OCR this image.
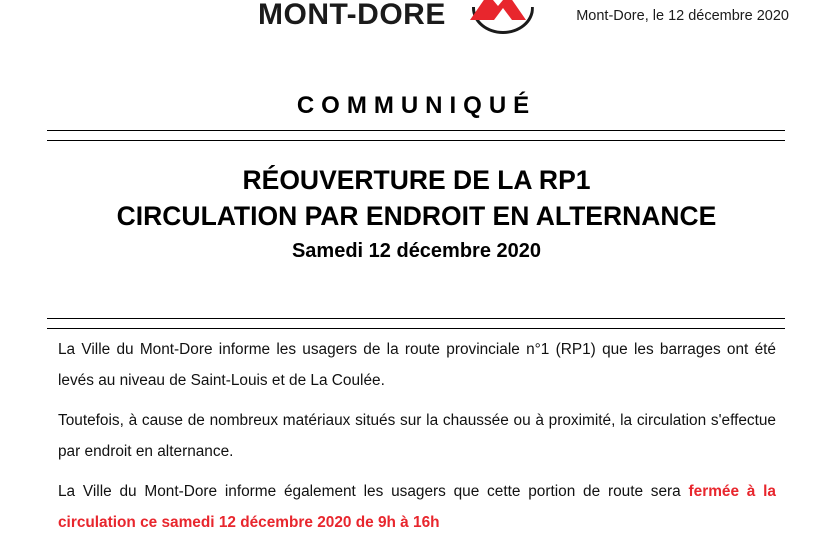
MONT-DORE	Mont-Dore, le 12 décembre 2020
COMMUNIQUÉ
RÉOUVERTURE DE LA RP1
CIRCULATION PAR ENDROIT EN ALTERNANCE
Samedi 12 décembre 2020

La Ville du Mont-Dore informe les usagers de la route provinciale n°1 (RP1) que les barrages ont été levés au niveau de Saint-Louis et de La Coulée.

Toutefois, à cause de nombreux matériaux situés sur la chaussée ou à proximité, la circulation s'effectue par endroit en alternance.

La Ville du Mont-Dore informe également les usagers que cette portion de route sera fermée à la circulation ce samedi 12 décembre 2020 de 9h à 16h
